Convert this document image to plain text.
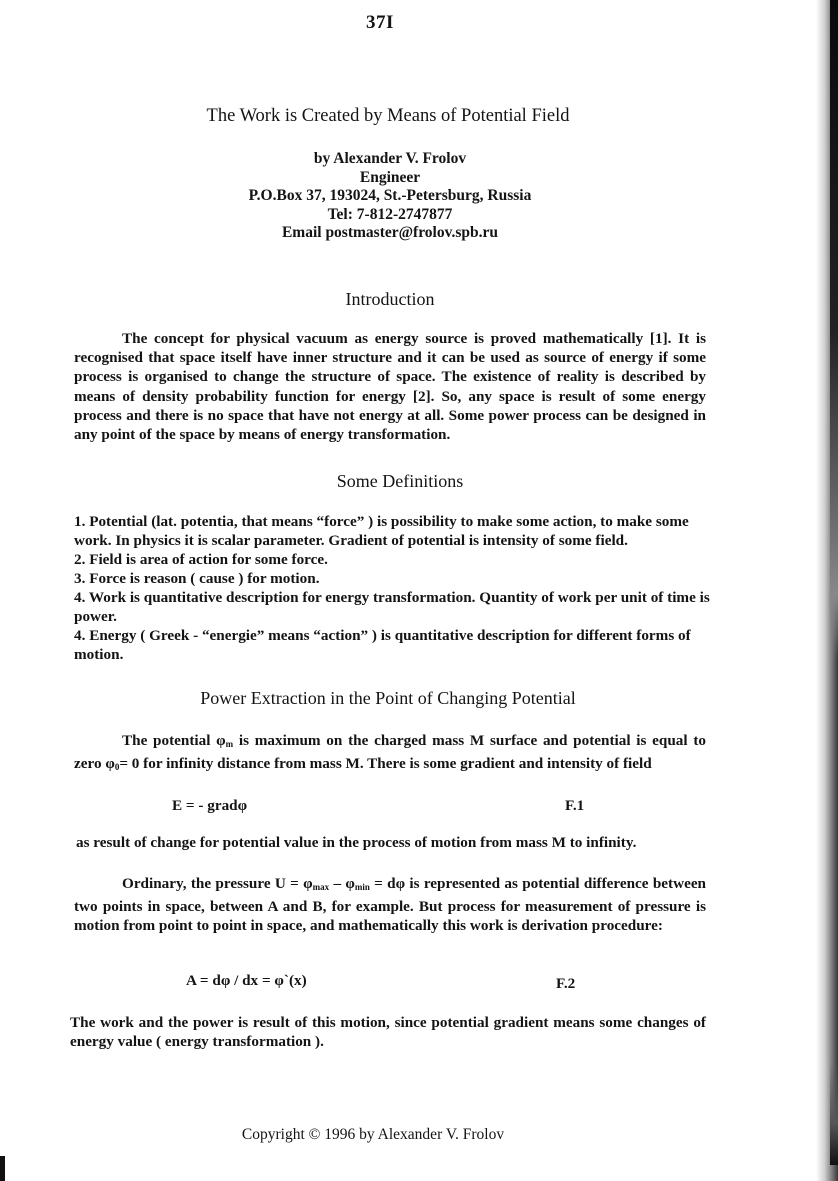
37I
The Work is Created by Means of Potential Field
by Alexander V. Frolov
Engineer
P.O.Box 37, 193024, St.-Petersburg, Russia
Tel: 7-812-2747877
Email postmaster@frolov.spb.ru
Introduction
The concept for physical vacuum as energy source is proved mathematically [1]. It is recognised that space itself have inner structure and it can be used as source of energy if some process is organised to change the structure of space. The existence of reality is described by means of density probability function for energy [2]. So, any space is result of some energy process and there is no space that have not energy at all. Some power process can be designed in any point of the space by means of energy transformation.
Some Definitions
1. Potential (lat. potentia, that means “force” ) is possibility to make some action, to make some work. In physics it is scalar parameter. Gradient of potential is intensity of some field.
2. Field is area of action for some force.
3. Force is reason ( cause ) for motion.
4. Work is quantitative description for energy transformation. Quantity of work per unit of time is power.
4. Energy ( Greek - “energie” means “action” ) is quantitative description for different forms of motion.
Power Extraction in the Point of Changing Potential
The potential $\varphi_m$ is maximum on the charged mass M surface and potential is equal to zero $\varphi_0= 0$ for infinity distance from mass M. There is some gradient and intensity of field
E = - gradφ	F.1
as result of change for potential value in the process of motion from mass M to infinity.
Ordinary, the pressure $U = \varphi_{max} - \varphi_{min} = d\varphi$ is represented as potential difference between two points in space, between A and B, for example. But process for measurement of pressure is motion from point to point in space, and mathematically this work is derivation procedure:
A = dφ / dx = φ`(x)	F.2
The work and the power is result of this motion, since potential gradient means some changes of energy value ( energy transformation ).
Copyright © 1996 by Alexander V. Frolov
